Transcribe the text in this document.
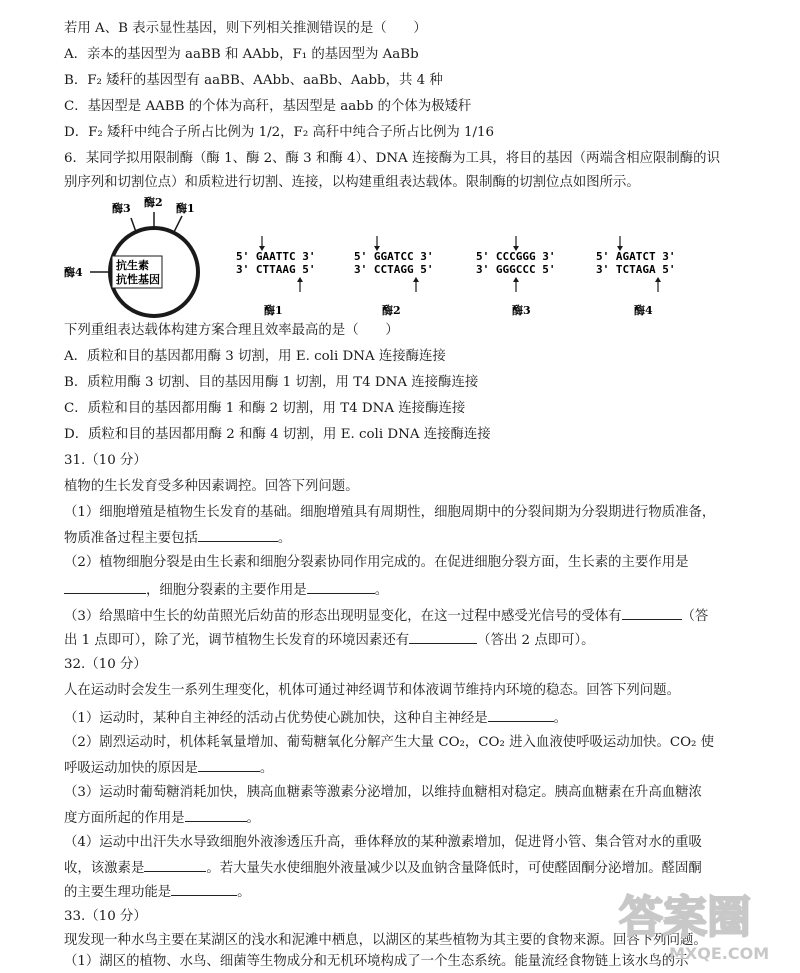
若用 A、B 表示显性基因，则下列相关推测错误的是（　　）
A．亲本的基因型为 aaBB 和 AAbb，F₁ 的基因型为 AaBb
B．F₂ 矮秆的基因型有 aaBB、AAbb、aaBb、Aabb，共 4 种
C．基因型是 AABB 的个体为高秆，基因型是 aabb 的个体为极矮秆
D．F₂ 矮秆中纯合子所占比例为 1/2，F₂ 高秆中纯合子所占比例为 1/16
6．某同学拟用限制酶（酶 1、酶 2、酶 3 和酶 4）、DNA 连接酶为工具，将目的基因（两端含相应限制酶的识
别序列和切割位点）和质粒进行切割、连接，以构建重组表达载体。限制酶的切割位点如图所示。
抗生素
抗性基因
酶3 酶2 酶1
酶4
5' GAATTC 3'
3' CTTAAG 5'
酶1
5' GGATCC 3'
3' CCTAGG 5'
酶2
5' CCCGGG 3'
3' GGGCCC 5'
酶3
5' AGATCT 3'
3' TCTAGA 5'
酶4
下列重组表达载体构建方案合理且效率最高的是（　　）
A．质粒和目的基因都用酶 3 切割，用 E. coli DNA 连接酶连接
B．质粒用酶 3 切割、目的基因用酶 1 切割，用 T4 DNA 连接酶连接
C．质粒和目的基因都用酶 1 和酶 2 切割，用 T4 DNA 连接酶连接
D．质粒和目的基因都用酶 2 和酶 4 切割，用 E. coli DNA 连接酶连接
31.（10 分）
植物的生长发育受多种因素调控。回答下列问题。
（1）细胞增殖是植物生长发育的基础。细胞增殖具有周期性，细胞周期中的分裂间期为分裂期进行物质准备，
物质准备过程主要包括	。
（2）植物细胞分裂是由生长素和细胞分裂素协同作用完成的。在促进细胞分裂方面，生长素的主要作用是
，细胞分裂素的主要作用是	。
（3）给黑暗中生长的幼苗照光后幼苗的形态出现明显变化，在这一过程中感受光信号的受体有	（答
出 1 点即可），除了光，调节植物生长发育的环境因素还有	（答出 2 点即可）。
32.（10 分）
人在运动时会发生一系列生理变化，机体可通过神经调节和体液调节维持内环境的稳态。回答下列问题。
（1）运动时，某种自主神经的活动占优势使心跳加快，这种自主神经是	。
（2）剧烈运动时，机体耗氧量增加、葡萄糖氧化分解产生大量 CO₂，CO₂ 进入血液使呼吸运动加快。CO₂ 使
呼吸运动加快的原因是	。
（3）运动时葡萄糖消耗加快，胰高血糖素等激素分泌增加，以维持血糖相对稳定。胰高血糖素在升高血糖浓
度方面所起的作用是	。
（4）运动中出汗失水导致细胞外液渗透压升高，垂体释放的某种激素增加，促进肾小管、集合管对水的重吸
收，该激素是	。若大量失水使细胞外液量减少以及血钠含量降低时，可使醛固酮分泌增加。醛固酮
的主要生理功能是	。
33.（10 分）
现发现一种水鸟主要在某湖区的浅水和泥滩中栖息，以湖区的某些植物为其主要的食物来源。回答下列问题。
（1）湖区的植物、水鸟、细菌等生物成分和无机环境构成了一个生态系统。能量流经食物链上该水鸟的示
答案圈
MXQE.COM
